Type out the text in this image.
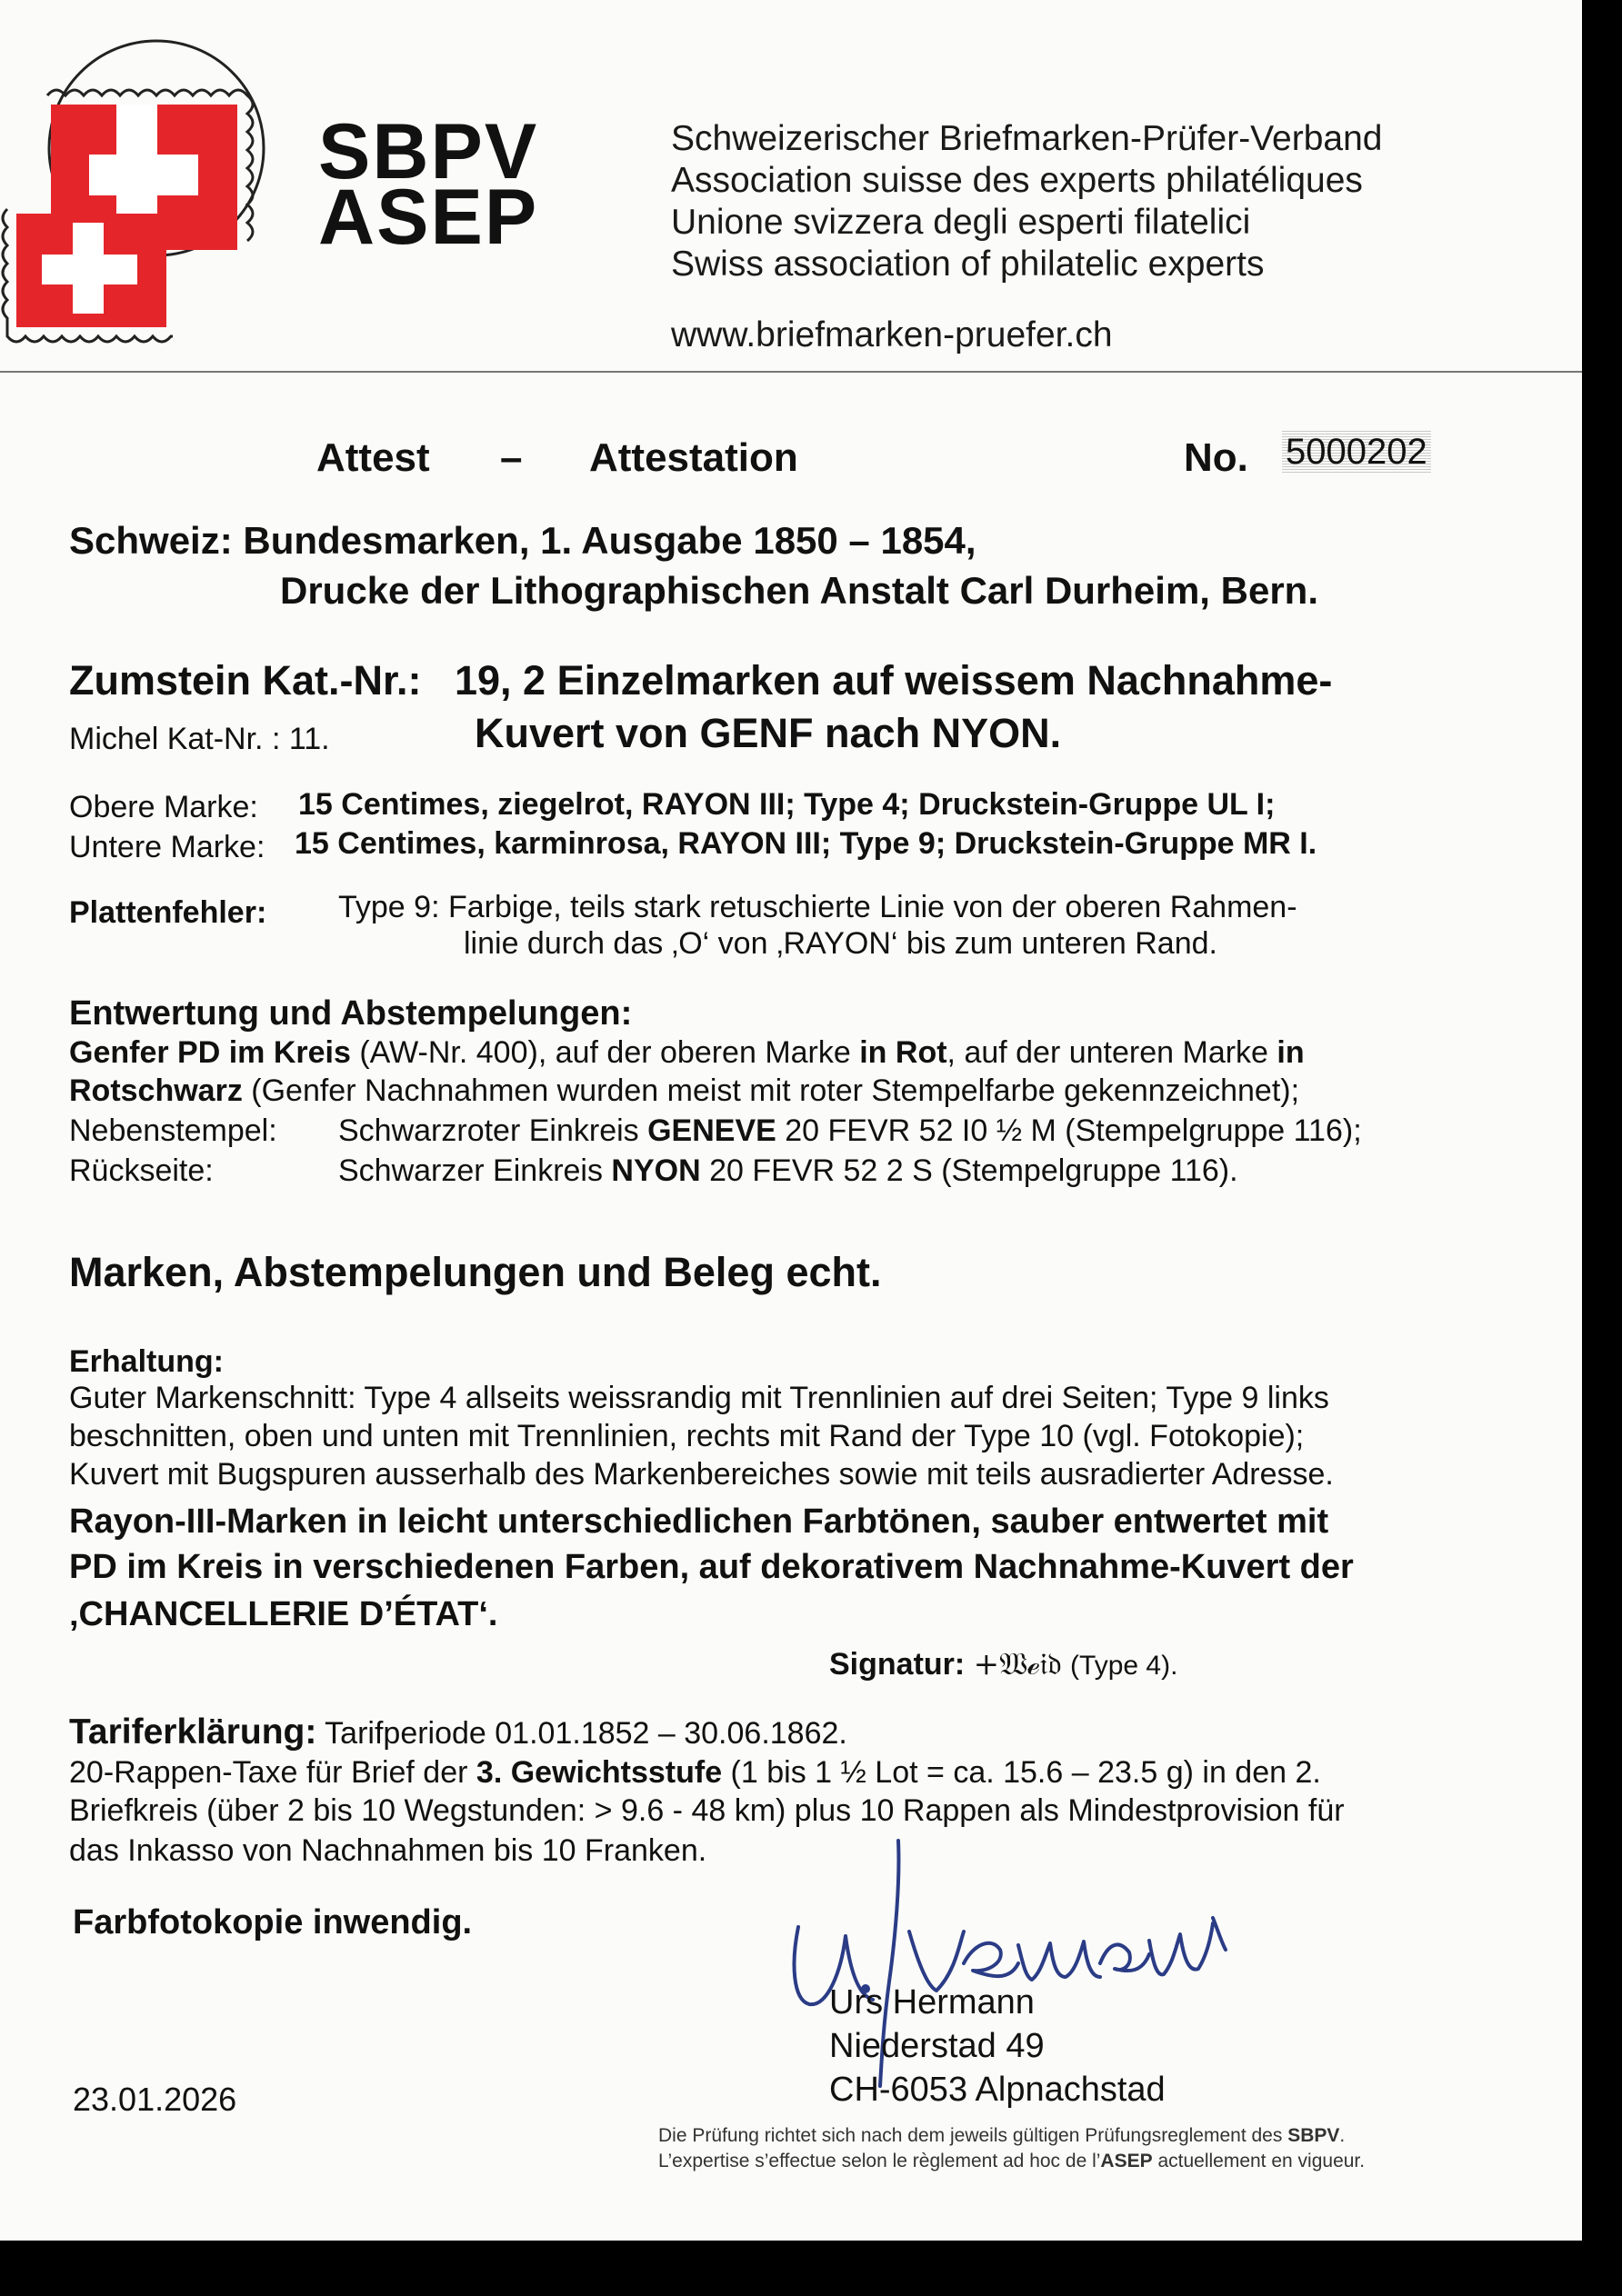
SBPV
ASEP
Schweizerischer Briefmarken-Prüfer-Verband
Association suisse des experts philatéliques
Unione svizzera degli esperti filatelici
Swiss association of philatelic experts
www.briefmarken-pruefer.ch
Attest – Attestation	No. 5000202
Schweiz: Bundesmarken, 1. Ausgabe 1850 – 1854,
Drucke der Lithographischen Anstalt Carl Durheim, Bern.
Zumstein Kat.-Nr.: 19, 2 Einzelmarken auf weissem Nachnahme-
Michel Kat-Nr. : 11.	Kuvert von GENF nach NYON.
Obere Marke: 15 Centimes, ziegelrot, RAYON III; Type 4; Druckstein-Gruppe UL I;
Untere Marke: 15 Centimes, karminrosa, RAYON III; Type 9; Druckstein-Gruppe MR I.
Plattenfehler: Type 9: Farbige, teils stark retuschierte Linie von der oberen Rahmen-
linie durch das ‚O‘ von ‚RAYON‘ bis zum unteren Rand.
Entwertung und Abstempelungen:
Genfer PD im Kreis (AW-Nr. 400), auf der oberen Marke in Rot, auf der unteren Marke in
Rotschwarz (Genfer Nachnahmen wurden meist mit roter Stempelfarbe gekennzeichnet);
Nebenstempel: Schwarzroter Einkreis GENEVE 20 FEVR 52 I0 ½ M (Stempelgruppe 116);
Rückseite:	Schwarzer Einkreis NYON 20 FEVR 52 2 S (Stempelgruppe 116).
Marken, Abstempelungen und Beleg echt.
Erhaltung:
Guter Markenschnitt: Type 4 allseits weissrandig mit Trennlinien auf drei Seiten; Type 9 links
beschnitten, oben und unten mit Trennlinien, rechts mit Rand der Type 10 (vgl. Fotokopie);
Kuvert mit Bugspuren ausserhalb des Markenbereiches sowie mit teils ausradierter Adresse.
Rayon-III-Marken in leicht unterschiedlichen Farbtönen, sauber entwertet mit
PD im Kreis in verschiedenen Farben, auf dekorativem Nachnahme-Kuvert der
‚CHANCELLERIE D’ÉTAT‘.
Signatur: +𝔚ℯ𝔦𝔡 (Type 4).
Tariferklärung: Tarifperiode 01.01.1852 – 30.06.1862.
20-Rappen-Taxe für Brief der 3. Gewichtsstufe (1 bis 1 ½ Lot = ca. 15.6 – 23.5 g) in den 2.
Briefkreis (über 2 bis 10 Wegstunden: > 9.6 - 48 km) plus 10 Rappen als Mindestprovision für
das Inkasso von Nachnahmen bis 10 Franken.
Farbfotokopie inwendig.
Urs Hermann
Niederstad 49
CH-6053 Alpnachstad
23.01.2026
Die Prüfung richtet sich nach dem jeweils gültigen Prüfungsreglement des SBPV.
L’expertise s’effectue selon le règlement ad hoc de l’ASEP actuellement en vigueur.
